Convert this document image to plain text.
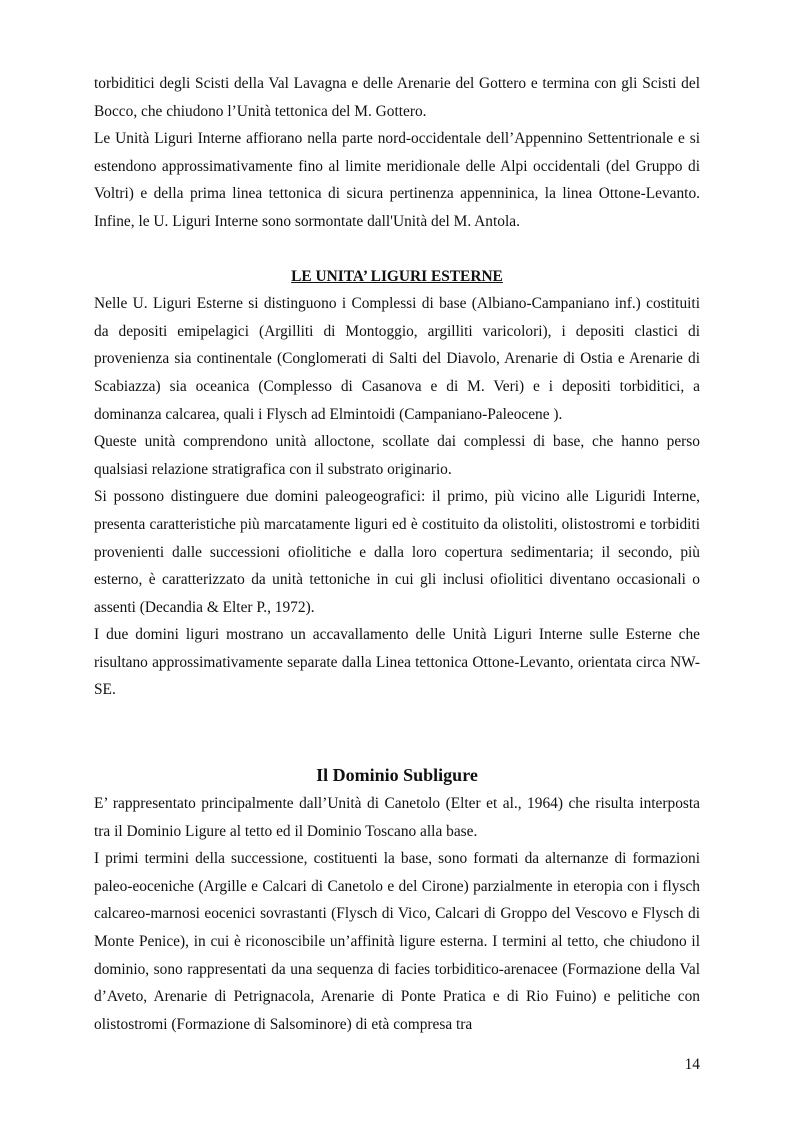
torbiditici degli Scisti della Val Lavagna e delle Arenarie del Gottero e termina con gli Scisti del Bocco, che chiudono l’Unità tettonica del M. Gottero.

Le Unità Liguri Interne affiorano nella parte nord-occidentale dell’Appennino Settentrionale e si estendono approssimativamente fino al limite meridionale delle Alpi occidentali (del Gruppo di Voltri) e della prima linea tettonica di sicura pertinenza appenninica, la linea Ottone-Levanto. Infine, le U. Liguri Interne sono sormontate dall'Unità del M. Antola.

LE UNITA’ LIGURI ESTERNE

Nelle U. Liguri Esterne si distinguono i Complessi di base (Albiano-Campaniano inf.) costituiti da depositi emipelagici (Argilliti di Montoggio, argilliti varicolori), i depositi clastici di provenienza sia continentale (Conglomerati di Salti del Diavolo, Arenarie di Ostia e Arenarie di Scabiazza) sia oceanica (Complesso di Casanova e di M. Veri) e i depositi torbiditici, a dominanza calcarea, quali i Flysch ad Elmintoidi (Campaniano-Paleocene ).

Queste unità comprendono unità alloctone, scollate dai complessi di base, che hanno perso qualsiasi relazione stratigrafica con il substrato originario.

Si possono distinguere due domini paleogeografici: il primo, più vicino alle Liguridi Interne, presenta caratteristiche più marcatamente liguri ed è costituito da olistoliti, olistostromi e torbiditi provenienti dalle successioni ofiolitiche e dalla loro copertura sedimentaria; il secondo, più esterno, è caratterizzato da unità tettoniche in cui gli inclusi ofiolitici diventano occasionali o assenti (Decandia & Elter P., 1972).

I due domini liguri mostrano un accavallamento delle Unità Liguri Interne sulle Esterne che risultano approssimativamente separate dalla Linea tettonica Ottone-Levanto, orientata circa NW-SE.

Il Dominio Subligure

E’ rappresentato principalmente dall’Unità di Canetolo (Elter et al., 1964) che risulta interposta tra il Dominio Ligure al tetto ed il Dominio Toscano alla base.

I primi termini della successione, costituenti la base, sono formati da alternanze di formazioni paleo-eoceniche (Argille e Calcari di Canetolo e del Cirone) parzialmente in eteropia con i flysch calcareo-marnosi eocenici sovrastanti (Flysch di Vico, Calcari di Groppo del Vescovo e Flysch di Monte Penice), in cui è riconoscibile un’affinità ligure esterna. I termini al tetto, che chiudono il dominio, sono rappresentati da una sequenza di facies torbiditico-arenacee (Formazione della Val d’Aveto, Arenarie di Petrignacola, Arenarie di Ponte Pratica e di Rio Fuino) e pelitiche con olistostromi (Formazione di Salsominore) di età compresa tra

14
